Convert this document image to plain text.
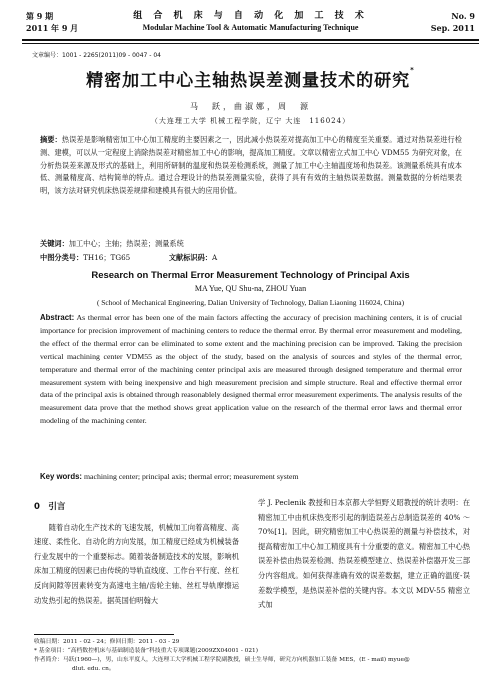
第 9 期
2011 年 9 月
组 合 机 床 与 自 动 化 加 工 技 术
Modular Machine Tool & Automatic Manufacturing Technique
No. 9
Sep. 2011
文章编号：1001 - 2265(2011)09 - 0047 - 04
精密加工中心主轴热误差测量技术的研究*
马　跃，曲淑娜，周　源
（大连理工大学 机械工程学院，辽宁 大连　116024）
摘要：热误差是影响精密加工中心加工精度的主要因素之一，因此减小热误差对提高加工中心的精度至关重要。通过对热误差进行检测、建模，可以从一定程度上消除热误差对精密加工中心的影响，提高加工精度。文章以精密立式加工中心 VDM55 为研究对象，在分析热误差来源及形式的基础上，利用所研制的温度和热误差检测系统，测量了加工中心主轴温度场和热误差。该测量系统具有成本低、测量精度高、结构简单的特点。通过合理设计的热误差测量实验，获得了具有有效的主轴热误差数据。测量数据的分析结果表明，该方法对研究机床热误差规律和建模具有很大的应用价值。
关键词：加工中心；主轴；热误差；测量系统
中图分类号：TH16；TG65	文献标识码：A
Research on Thermal Error Measurement Technology of Principal Axis
MA Yue, QU Shu-na, ZHOU Yuan
( School of Mechanical Engineering, Dalian University of Technology, Dalian Liaoning 116024, China)
Abstract: As thermal error has been one of the main factors affecting the accuracy of precision machining centers, it is of crucial importance for precision improvement of machining centers to reduce the thermal error. By thermal error measurement and modeling, the effect of the thermal error can be eliminated to some extent and the machining precision can be improved. Taking the precision vertical machining center VDM55 as the object of the study, based on the analysis of sources and styles of the thermal error, temperature and thermal error of the machining center principal axis are measured through designed temperature and thermal error measurement system with being inexpensive and high measurement precision and simple structure. Real and effective thermal error data of the principal axis is obtained through reasonablely designed thermal error measurement experiments. The analysis results of the measurement data prove that the method shows great application value on the research of the thermal error laws and thermal error modeling of the machining center.
Key words: machining center; principal axis; thermal error; measurement system
0　引言

随着自动化生产技术的飞速发展，机械加工向着高精度、高速度、柔性化、自动化的方向发展，加工精度已经成为机械装备行业发展中的一个重要标志。随着装备制造技术的发展，影响机床加工精度的因素已由传统的导轨直线度、工作台平行度、丝杠反向间隙等因素转变为高速电主轴/齿轮主轴、丝杠导轨摩擦运动发热引起的热误差。据英国伯明翰大

学 J. Peclenik 教授和日本京都大学恒野义昭教授的统计表明：在精密加工中由机床热变形引起的制造误差占总制造误差的 40% ～ 70%[1]。因此，研究精密加工中心热误差的测量与补偿技术，对提高精密加工中心加工精度具有十分重要的意义。精密加工中心热误差补偿由热误差检测、热误差模型建立、热误差补偿器开发三部分内容组成。如何获得准确有效的误差数据，建立正确的温度-误差数学模型，是热误差补偿的关键内容。本文以 MDV-55 精密立式加

收稿日期：2011 - 02 - 24；修回日期：2011 - 03 - 29
* 基金项目：“高档数控机床与基础制造装备”科技重大专项课题(2009ZX04001 - 021)
作者简介：马跃(1960—)，男，山东平度人，大连理工大学机械工程学院副教授，硕士生导师，研究方向机器加工装备 MES，(E - mail) myue@
dlut. edu. cn。
